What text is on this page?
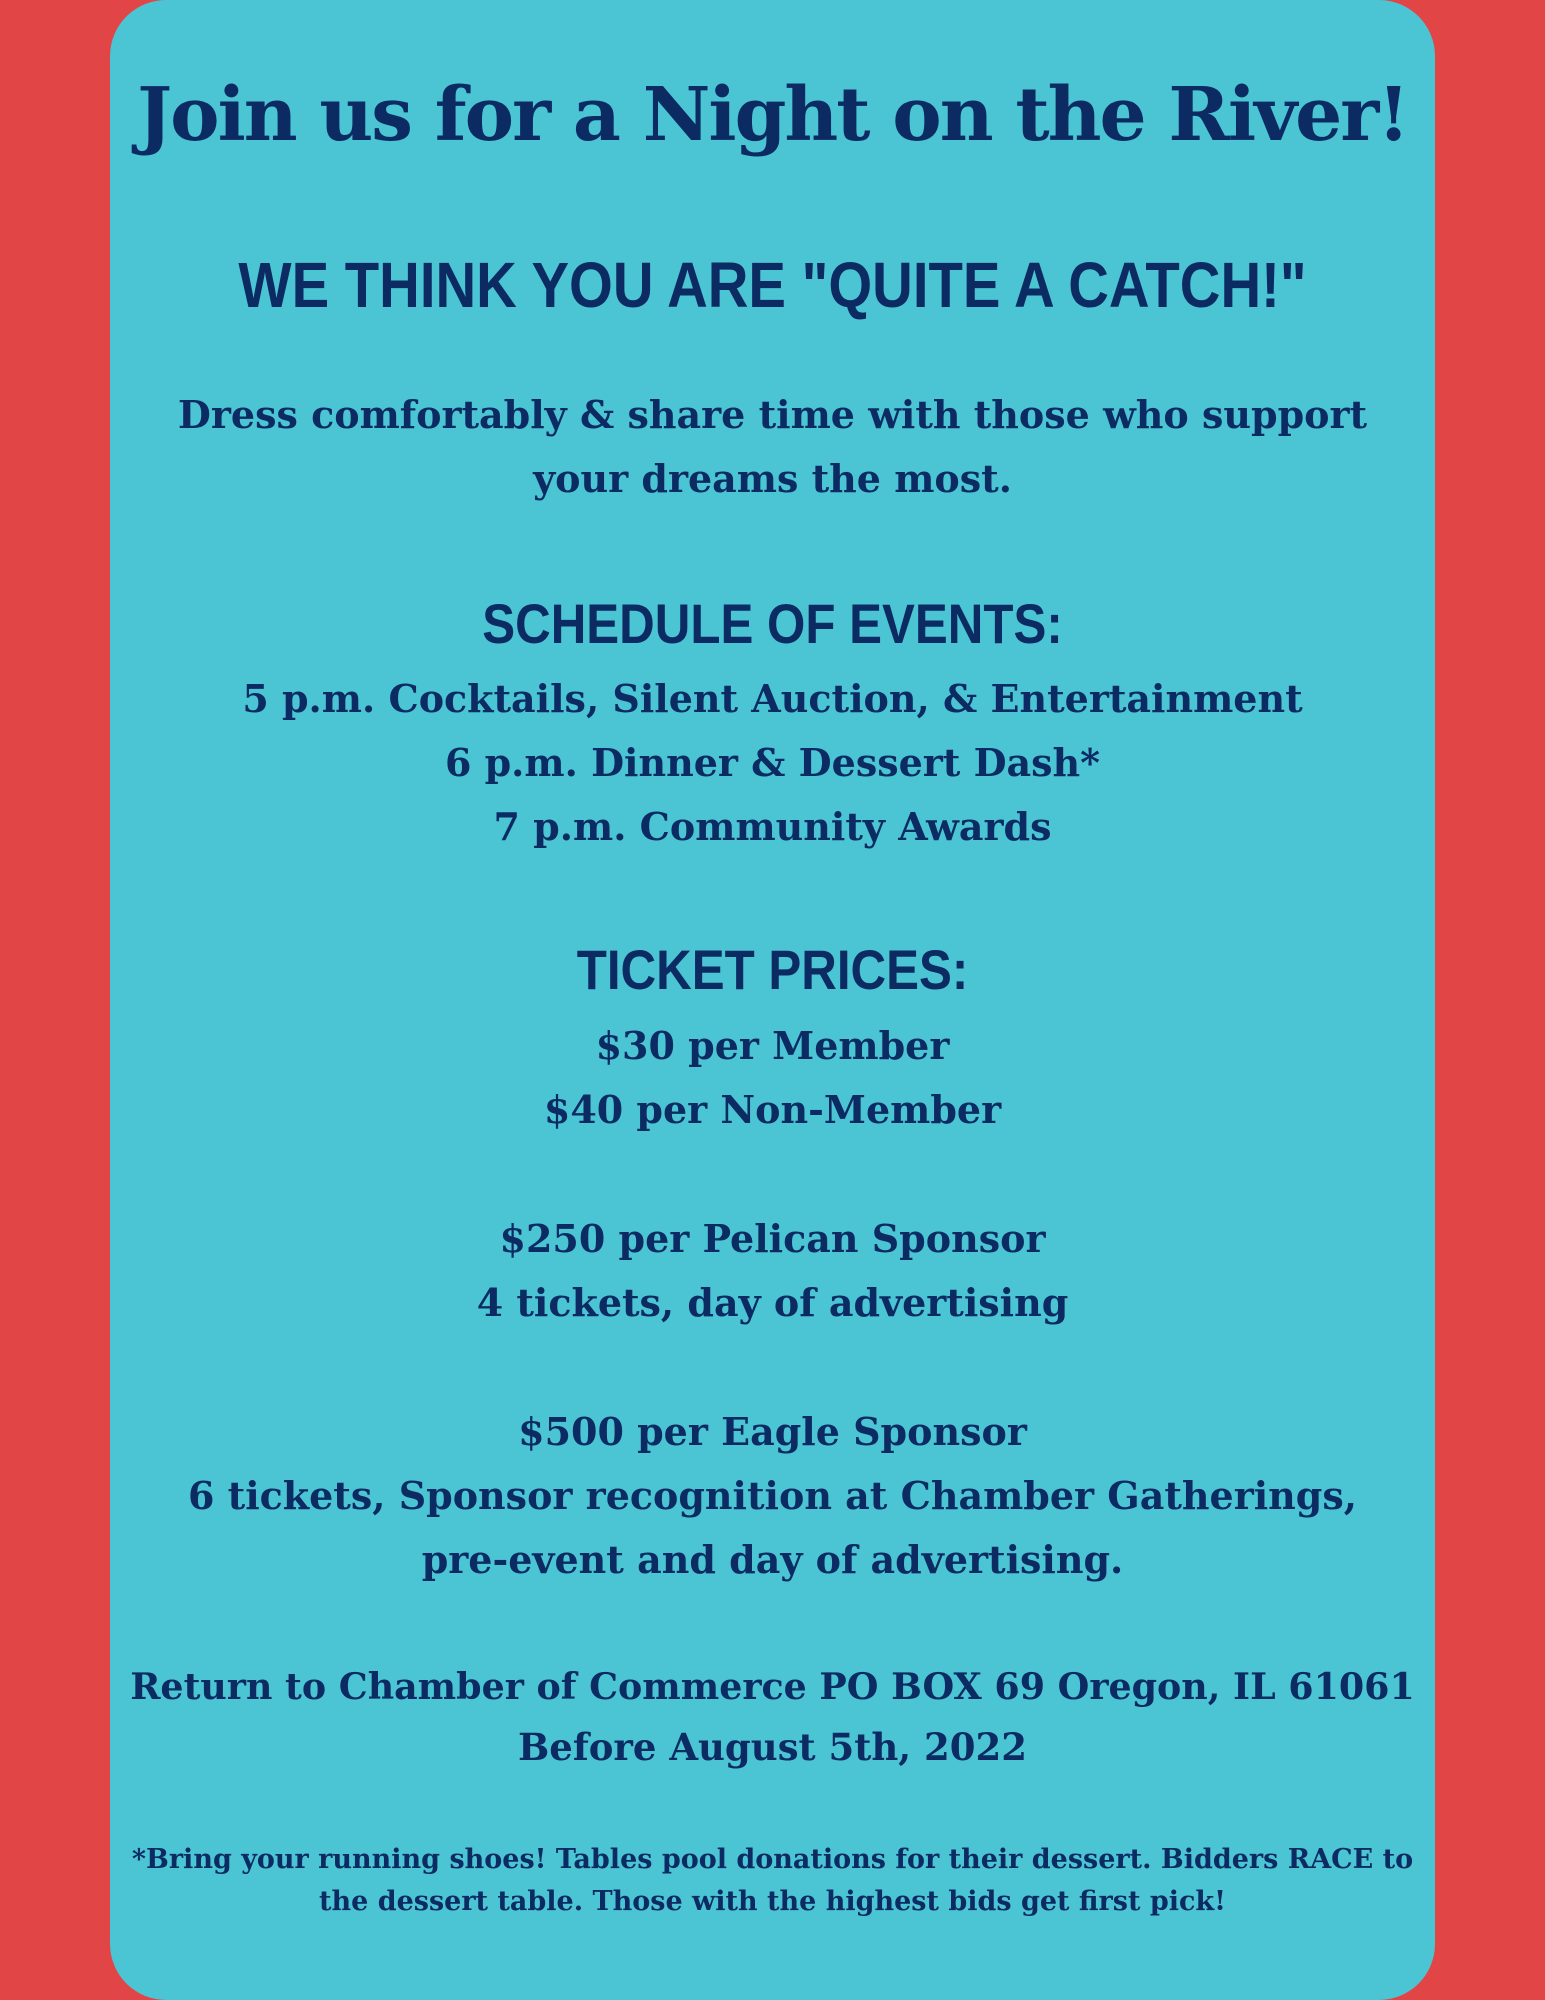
Join us for a Night on the River!
WE THINK YOU ARE "QUITE A CATCH!"
Dress comfortably & share time with those who support
your dreams the most.
SCHEDULE OF EVENTS:
5 p.m. Cocktails, Silent Auction, & Entertainment
6 p.m. Dinner & Dessert Dash*
7 p.m. Community Awards
TICKET PRICES:
$30 per Member
$40 per Non-Member
$250 per Pelican Sponsor
4 tickets, day of advertising
$500 per Eagle Sponsor
6 tickets, Sponsor recognition at Chamber Gatherings,
pre-event and day of advertising.
Return to Chamber of Commerce PO BOX 69 Oregon, IL 61061
Before August 5th, 2022
*Bring your running shoes! Tables pool donations for their dessert. Bidders RACE to
the dessert table. Those with the highest bids get first pick!
